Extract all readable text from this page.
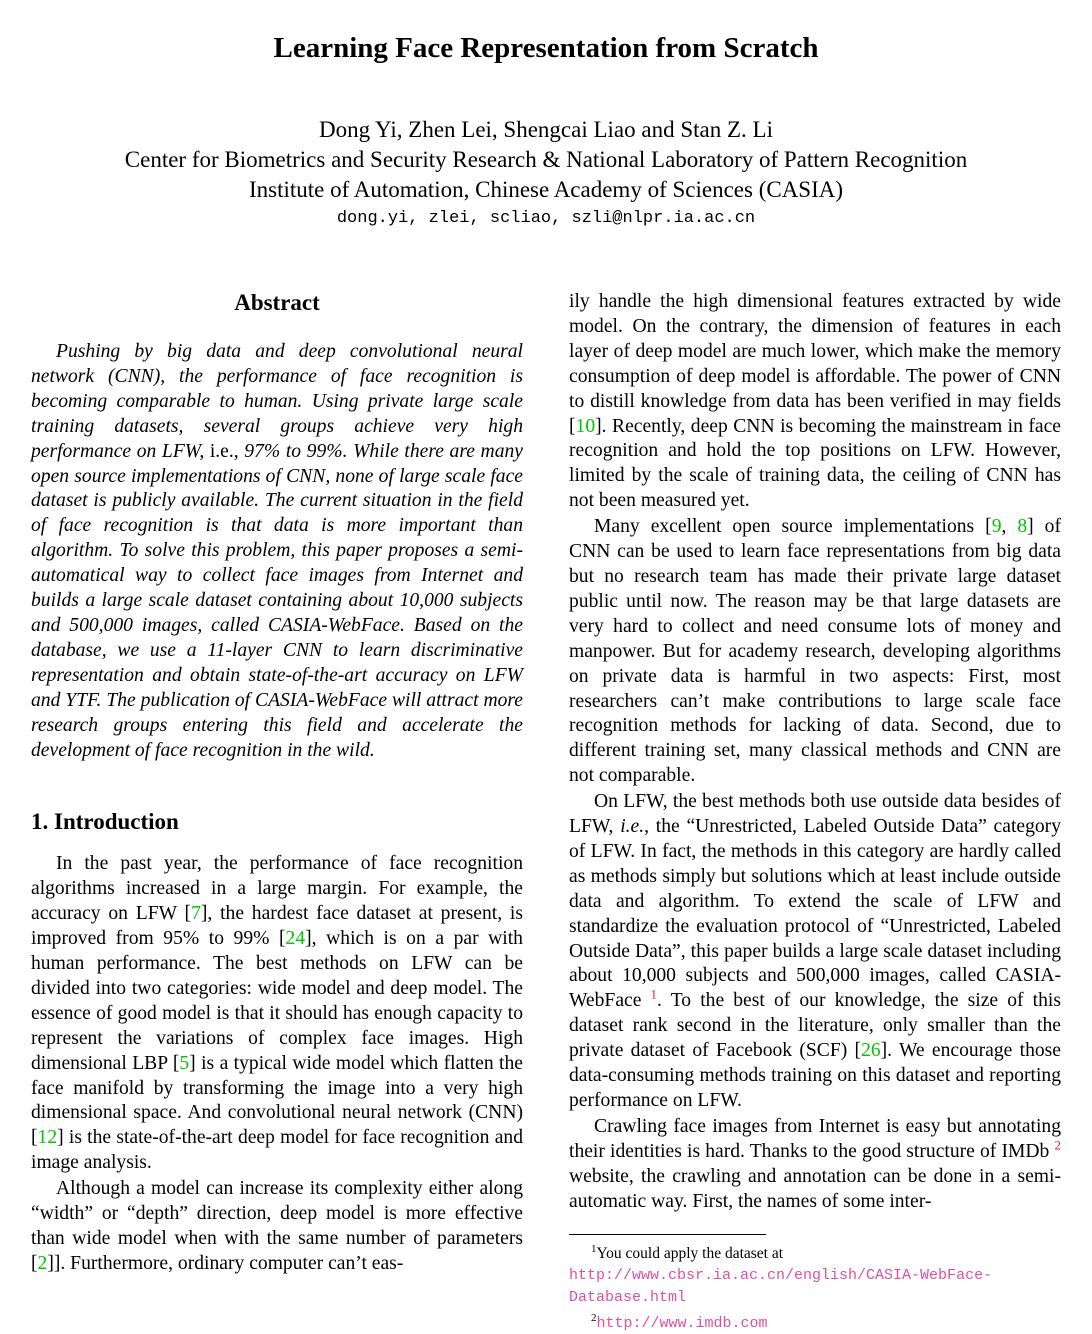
Learning Face Representation from Scratch
Dong Yi, Zhen Lei, Shengcai Liao and Stan Z. Li
Center for Biometrics and Security Research & National Laboratory of Pattern Recognition
Institute of Automation, Chinese Academy of Sciences (CASIA)
dong.yi, zlei, scliao, szli@nlpr.ia.ac.cn
Abstract

Pushing by big data and deep convolutional neural network (CNN), the performance of face recognition is becoming comparable to human. Using private large scale training datasets, several groups achieve very high performance on LFW, i.e., 97% to 99%. While there are many open source implementations of CNN, none of large scale face dataset is publicly available. The current situation in the field of face recognition is that data is more important than algorithm. To solve this problem, this paper proposes a semi-automatical way to collect face images from Internet and builds a large scale dataset containing about 10,000 subjects and 500,000 images, called CASIA-WebFace. Based on the database, we use a 11-layer CNN to learn discriminative representation and obtain state-of-the-art accuracy on LFW and YTF. The publication of CASIA-WebFace will attract more research groups entering this field and accelerate the development of face recognition in the wild.

1. Introduction

In the past year, the performance of face recognition algorithms increased in a large margin. For example, the accuracy on LFW [7], the hardest face dataset at present, is improved from 95% to 99% [24], which is on a par with human performance. The best methods on LFW can be divided into two categories: wide model and deep model. The essence of good model is that it should has enough capacity to represent the variations of complex face images. High dimensional LBP [5] is a typical wide model which flatten the face manifold by transforming the image into a very high dimensional space. And convolutional neural network (CNN) [12] is the state-of-the-art deep model for face recognition and image analysis.

Although a model can increase its complexity either along “width” or “depth” direction, deep model is more effective than wide model when with the same number of parameters [2]]. Furthermore, ordinary computer can’t eas-

ily handle the high dimensional features extracted by wide model. On the contrary, the dimension of features in each layer of deep model are much lower, which make the memory consumption of deep model is affordable. The power of CNN to distill knowledge from data has been verified in may fields [10]. Recently, deep CNN is becoming the mainstream in face recognition and hold the top positions on LFW. However, limited by the scale of training data, the ceiling of CNN has not been measured yet.

Many excellent open source implementations [9, 8] of CNN can be used to learn face representations from big data but no research team has made their private large dataset public until now. The reason may be that large datasets are very hard to collect and need consume lots of money and manpower. But for academy research, developing algorithms on private data is harmful in two aspects: First, most researchers can’t make contributions to large scale face recognition methods for lacking of data. Second, due to different training set, many classical methods and CNN are not comparable.

On LFW, the best methods both use outside data besides of LFW, i.e., the “Unrestricted, Labeled Outside Data” category of LFW. In fact, the methods in this category are hardly called as methods simply but solutions which at least include outside data and algorithm. To extend the scale of LFW and standardize the evaluation protocol of “Unrestricted, Labeled Outside Data”, this paper builds a large scale dataset including about 10,000 subjects and 500,000 images, called CASIA-WebFace $^1$. To the best of our knowledge, the size of this dataset rank second in the literature, only smaller than the private dataset of Facebook (SCF) [26]. We encourage those data-consuming methods training on this dataset and reporting performance on LFW.

Crawling face images from Internet is easy but annotating their identities is hard. Thanks to the good structure of IMDb $^2$ website, the crawling and annotation can be done in a semi-automatic way. First, the names of some inter-

$^1$You could apply the dataset at http://www.cbsr.ia.ac.cn/english/CASIA-WebFace-Database.html

$^2$http://www.imdb.com
